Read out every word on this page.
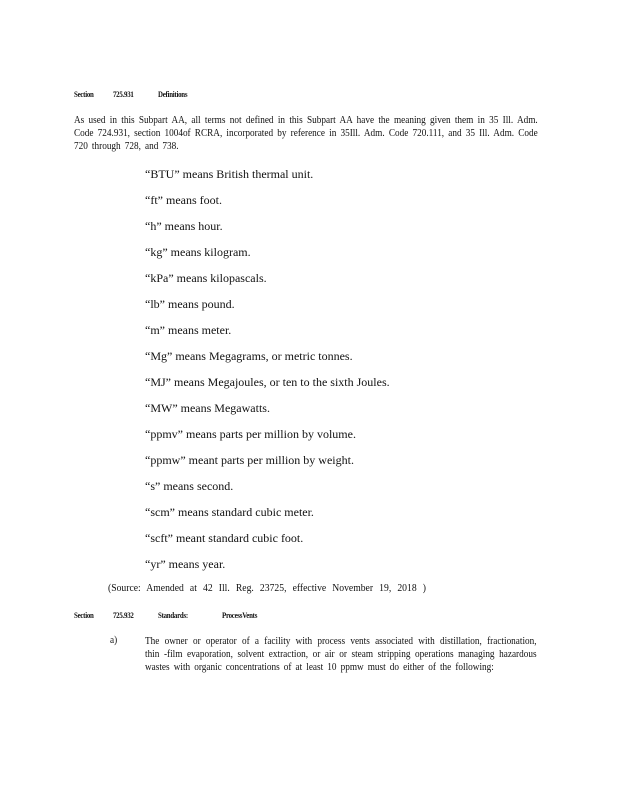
Section 725.931	Definitions
As used in this Subpart AA, all terms not defined in this Subpart AA have the meaning given them in 35 Ill. Adm. Code 724.931, section 1004of RCRA, incorporated by reference in 35Ill. Adm. Code 720.111, and 35 Ill. Adm. Code 720 through 728, and 738.
“BTU” means British thermal unit.
“ft” means foot.
“h” means hour.
“kg” means kilogram.
“kPa” means kilopascals.
“lb” means pound.
“m” means meter.
“Mg” means Megagrams, or metric tonnes.
“MJ” means Megajoules, or ten to the sixth Joules.
“MW” means Megawatts.
“ppmv” means parts per million by volume.
“ppmw” meant parts per million by weight.
“s” means second.
“scm” means standard cubic meter.
“scft” meant standard cubic foot.
“yr” means year.
(Source: Amended at 42 Ill. Reg. 23725, effective November 19, 2018 )
Section 725.932	Standards:	ProcessVents
a)	The owner or operator of a facility with process vents associated with distillation, fractionation, thin -film evaporation, solvent extraction, or air or steam stripping operations managing hazardous wastes with organic concentrations of at least 10 ppmw must do either of the following:
